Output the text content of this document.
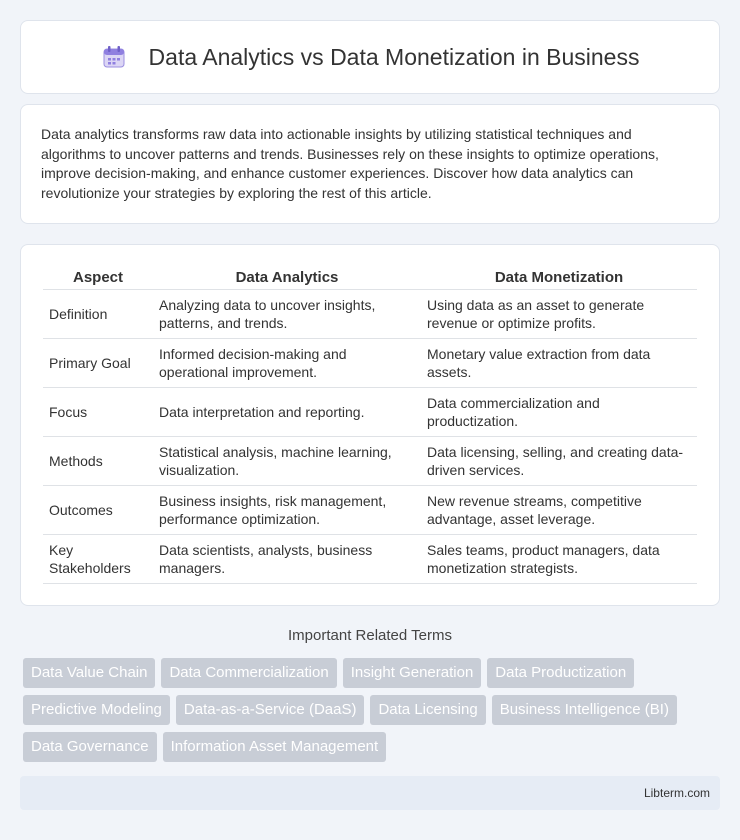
Data Analytics vs Data Monetization in Business

Data analytics transforms raw data into actionable insights by utilizing statistical techniques and algorithms to uncover patterns and trends. Businesses rely on these insights to optimize operations, improve decision-making, and enhance customer experiences. Discover how data analytics can revolutionize your strategies by exploring the rest of this article.

Aspect	Data Analytics	Data Monetization
Definition	Analyzing data to uncover insights, patterns, and trends.	Using data as an asset to generate revenue or optimize profits.
Primary Goal	Informed decision-making and operational improvement.	Monetary value extraction from data assets.
Focus	Data interpretation and reporting.	Data commercialization and productization.
Methods	Statistical analysis, machine learning, visualization.	Data licensing, selling, and creating data-driven services.
Outcomes	Business insights, risk management, performance optimization.	New revenue streams, competitive advantage, asset leverage.
Key Stakeholders	Data scientists, analysts, business managers.	Sales teams, product managers, data monetization strategists.
Important Related Terms
Data Value Chain	Data Commercialization	Insight Generation	Data Productization
Predictive Modeling	Data-as-a-Service (DaaS)	Data Licensing	Business Intelligence (BI)
Data Governance	Information Asset Management
Libterm.com
